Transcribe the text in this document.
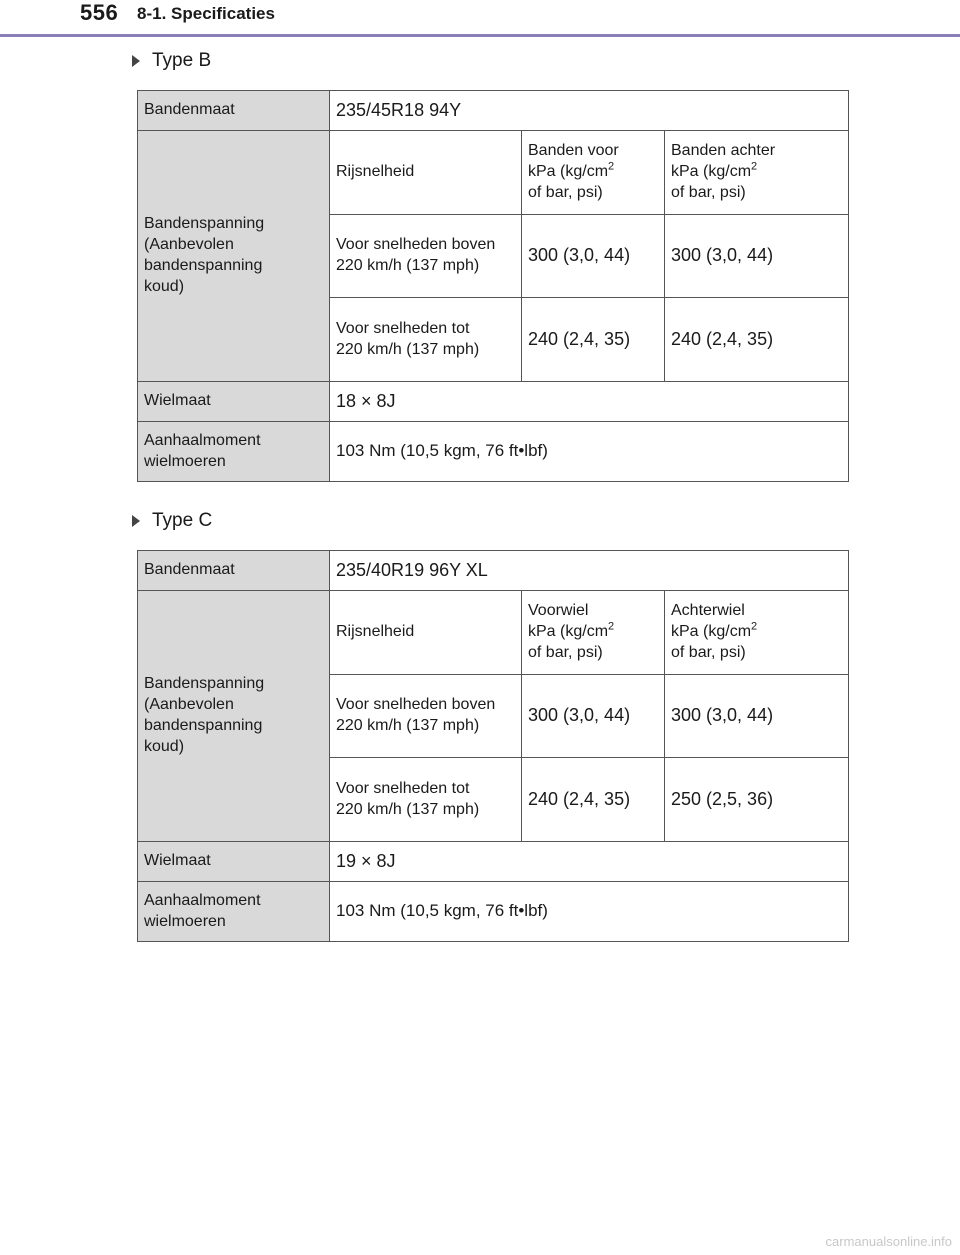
556 8-1. Specificaties
Type B
Bandenmaat	235/45R18 94Y		
Bandenspanning
(Aanbevolen
bandenspanning
koud)	Rijsnelheid	Banden voor
kPa ($kg/cm^2$
of bar, psi)	Banden achter
kPa ($kg/cm^2$
of bar, psi)
	Voor snelheden boven
220 km/h (137 mph)	300 (3,0, 44)	300 (3,0, 44)
	Voor snelheden tot
220 km/h (137 mph)	240 (2,4, 35)	240 (2,4, 35)
Wielmaat	18 × 8J		
Aanhaalmoment
wielmoeren	103 Nm (10,5 kgm, 76 ft•lbf)		
Type C
Bandenmaat	235/40R19 96Y XL		
Bandenspanning
(Aanbevolen
bandenspanning
koud)	Rijsnelheid	Voorwiel
kPa ($kg/cm^2$
of bar, psi)	Achterwiel
kPa ($kg/cm^2$
of bar, psi)
	Voor snelheden boven
220 km/h (137 mph)	300 (3,0, 44)	300 (3,0, 44)
	Voor snelheden tot
220 km/h (137 mph)	240 (2,4, 35)	250 (2,5, 36)
Wielmaat	19 × 8J		
Aanhaalmoment
wielmoeren	103 Nm (10,5 kgm, 76 ft•lbf)		
carmanualsonline.info
